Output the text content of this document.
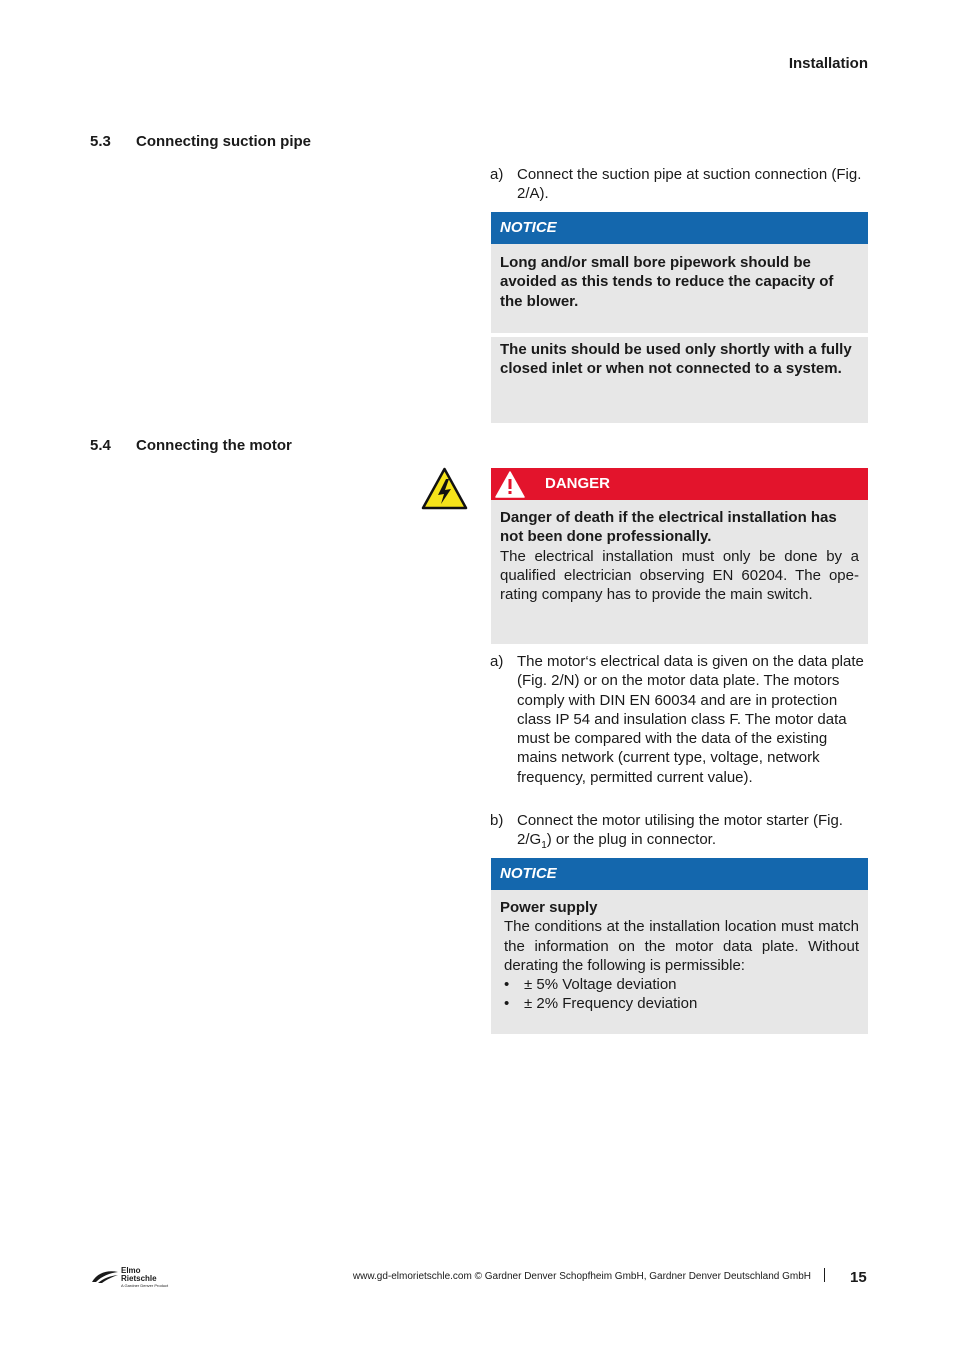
Installation
5.3 Connecting suction pipe
a) Connect the suction pipe at suction connection (Fig. 2/A).
NOTICE
Long and/or small bore pipework should be avoided as this tends to reduce the capacity of the blower.
The units should be used only shortly with a fully closed inlet or when not connected to a system.
5.4 Connecting the motor
DANGER
Danger of death if the electrical installation has not been done professionally.
The electrical installation must only be done by a qualified electrician observing EN 60204. The operating company has to provide the main switch.
a) The motor‘s electrical data is given on the data plate (Fig. 2/N) or on the motor data plate. The motors comply with DIN EN 60034 and are in protection class IP 54 and insulation class F. The motor data must be compared with the data of the existing mains network (current type, voltage, network frequency, permitted current value).
b) Connect the motor utilising the motor starter (Fig. $2/G_1$) or the plug in connector.
NOTICE
Power supply
The conditions at the installation location must match the information on the motor data plate. Without derating the following is permissible:
• ± 5% Voltage deviation
• ± 2% Frequency deviation
Elmo
Rietschle
A Gardner Denver Product
www.gd-elmorietschle.com © Gardner Denver Schopfheim GmbH, Gardner Denver Deutschland GmbH	15
